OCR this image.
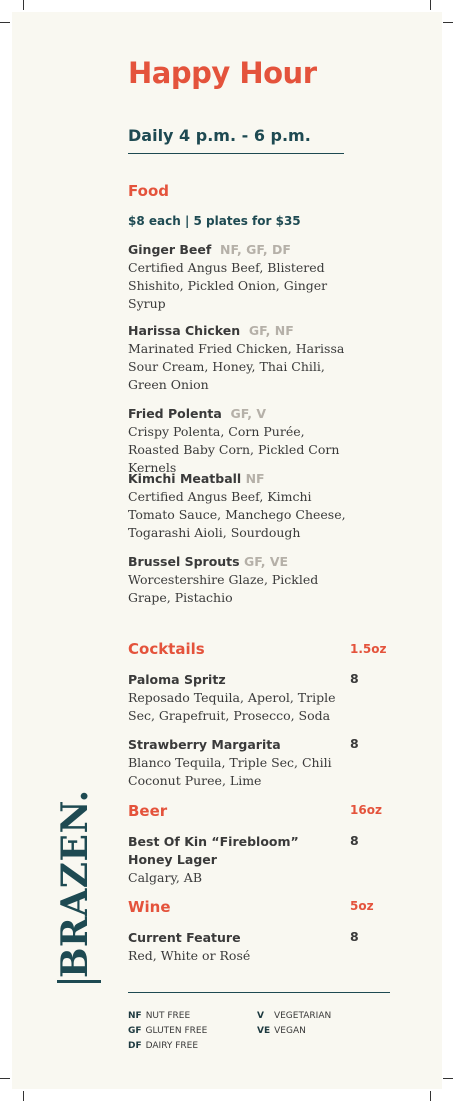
Happy Hour
Daily 4 p.m. - 6 p.m.
Food
$8 each | 5 plates for $35
Ginger Beef NF, GF, DF
Certified Angus Beef, Blistered Shishito, Pickled Onion, Ginger Syrup
Harissa Chicken GF, NF
Marinated Fried Chicken, Harissa Sour Cream, Honey, Thai Chili, Green Onion
Fried Polenta GF, V
Crispy Polenta, Corn Purée, Roasted Baby Corn, Pickled Corn Kernels
Kimchi Meatball NF
Certified Angus Beef, Kimchi Tomato Sauce, Manchego Cheese, Togarashi Aioli, Sourdough
Brussel Sprouts GF, VE
Worcestershire Glaze, Pickled Grape, Pistachio
Cocktails	1.5oz
Paloma Spritz
Reposado Tequila, Aperol, Triple Sec, Grapefruit, Prosecco, Soda
8
Strawberry Margarita
Blanco Tequila, Triple Sec, Chili Coconut Puree, Lime
8
Beer	16oz
Best Of Kin “Firebloom” Honey Lager
Calgary, AB
8
Wine	5oz
Current Feature
Red, White or Rosé
8
BRAZEN.
NF NUT FREE
GF GLUTEN FREE
DF DAIRY FREE
V VEGETARIAN
VE VEGAN
